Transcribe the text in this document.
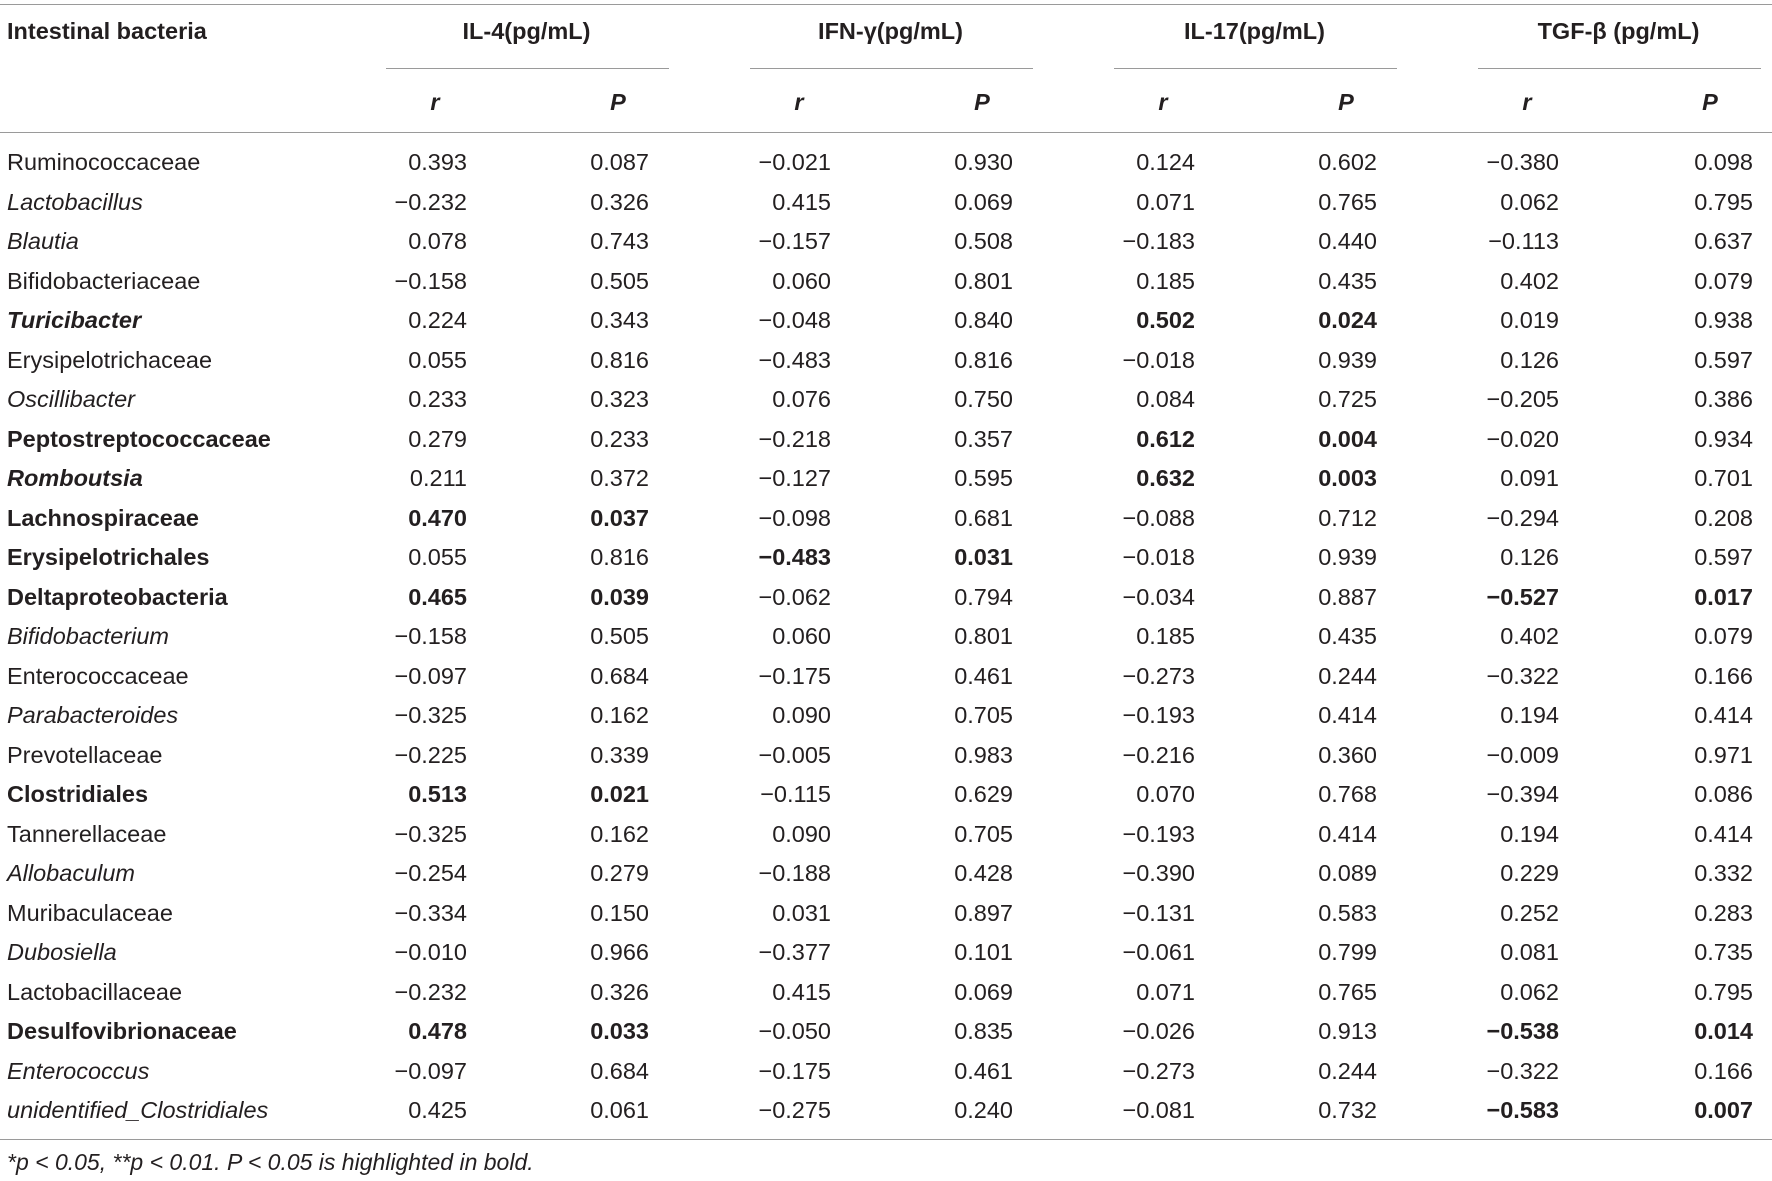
Intestinal bacteria	IL-4(pg/mL)	IFN-γ(pg/mL)	IL-17(pg/mL)	TGF-β (pg/mL)
r	P	r	P	r	P	r	P
Ruminococcaceae	0.393	0.087	−0.021	0.930	0.124	0.602	−0.380	0.098
Lactobacillus	−0.232	0.326	0.415	0.069	0.071	0.765	0.062	0.795
Blautia	0.078	0.743	−0.157	0.508	−0.183	0.440	−0.113	0.637
Bifidobacteriaceae	−0.158	0.505	0.060	0.801	0.185	0.435	0.402	0.079
Turicibacter	0.224	0.343	−0.048	0.840	0.502	0.024	0.019	0.938
Erysipelotrichaceae	0.055	0.816	−0.483	0.816	−0.018	0.939	0.126	0.597
Oscillibacter	0.233	0.323	0.076	0.750	0.084	0.725	−0.205	0.386
Peptostreptococcaceae	0.279	0.233	−0.218	0.357	0.612	0.004	−0.020	0.934
Romboutsia	0.211	0.372	−0.127	0.595	0.632	0.003	0.091	0.701
Lachnospiraceae	0.470	0.037	−0.098	0.681	−0.088	0.712	−0.294	0.208
Erysipelotrichales	0.055	0.816	−0.483	0.031	−0.018	0.939	0.126	0.597
Deltaproteobacteria	0.465	0.039	−0.062	0.794	−0.034	0.887	−0.527	0.017
Bifidobacterium	−0.158	0.505	0.060	0.801	0.185	0.435	0.402	0.079
Enterococcaceae	−0.097	0.684	−0.175	0.461	−0.273	0.244	−0.322	0.166
Parabacteroides	−0.325	0.162	0.090	0.705	−0.193	0.414	0.194	0.414
Prevotellaceae	−0.225	0.339	−0.005	0.983	−0.216	0.360	−0.009	0.971
Clostridiales	0.513	0.021	−0.115	0.629	0.070	0.768	−0.394	0.086
Tannerellaceae	−0.325	0.162	0.090	0.705	−0.193	0.414	0.194	0.414
Allobaculum	−0.254	0.279	−0.188	0.428	−0.390	0.089	0.229	0.332
Muribaculaceae	−0.334	0.150	0.031	0.897	−0.131	0.583	0.252	0.283
Dubosiella	−0.010	0.966	−0.377	0.101	−0.061	0.799	0.081	0.735
Lactobacillaceae	−0.232	0.326	0.415	0.069	0.071	0.765	0.062	0.795
Desulfovibrionaceae	0.478	0.033	−0.050	0.835	−0.026	0.913	−0.538	0.014
Enterococcus	−0.097	0.684	−0.175	0.461	−0.273	0.244	−0.322	0.166
unidentified_Clostridiales	0.425	0.061	−0.275	0.240	−0.081	0.732	−0.583	0.007
*p < 0.05, **p < 0.01. P < 0.05 is highlighted in bold.
